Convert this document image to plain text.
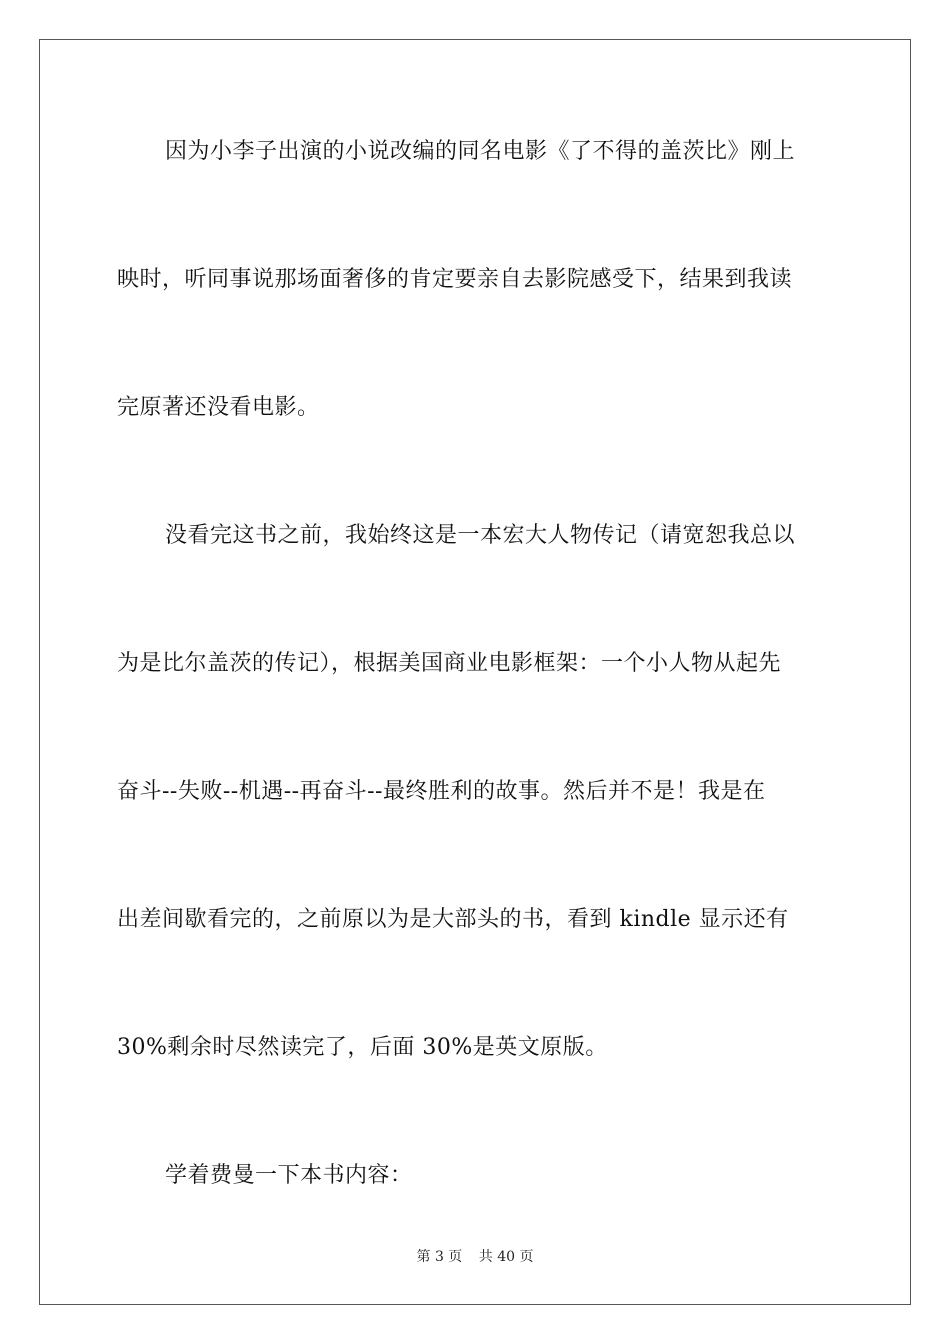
因为小李子出演的小说改编的同名电影《了不得的盖茨比》刚上
映时，听同事说那场面奢侈的肯定要亲自去影院感受下，结果到我读
完原著还没看电影。
没看完这书之前，我始终这是一本宏大人物传记（请宽恕我总以
为是比尔盖茨的传记），根据美国商业电影框架：一个小人物从起先
奋斗--失败--机遇--再奋斗--最终胜利的故事。然后并不是！我是在
出差间歇看完的，之前原以为是大部头的书，看到 kindle 显示还有
30%剩余时尽然读完了，后面 30%是英文原版。
学着费曼一下本书内容：
第 3 页 共 40 页
